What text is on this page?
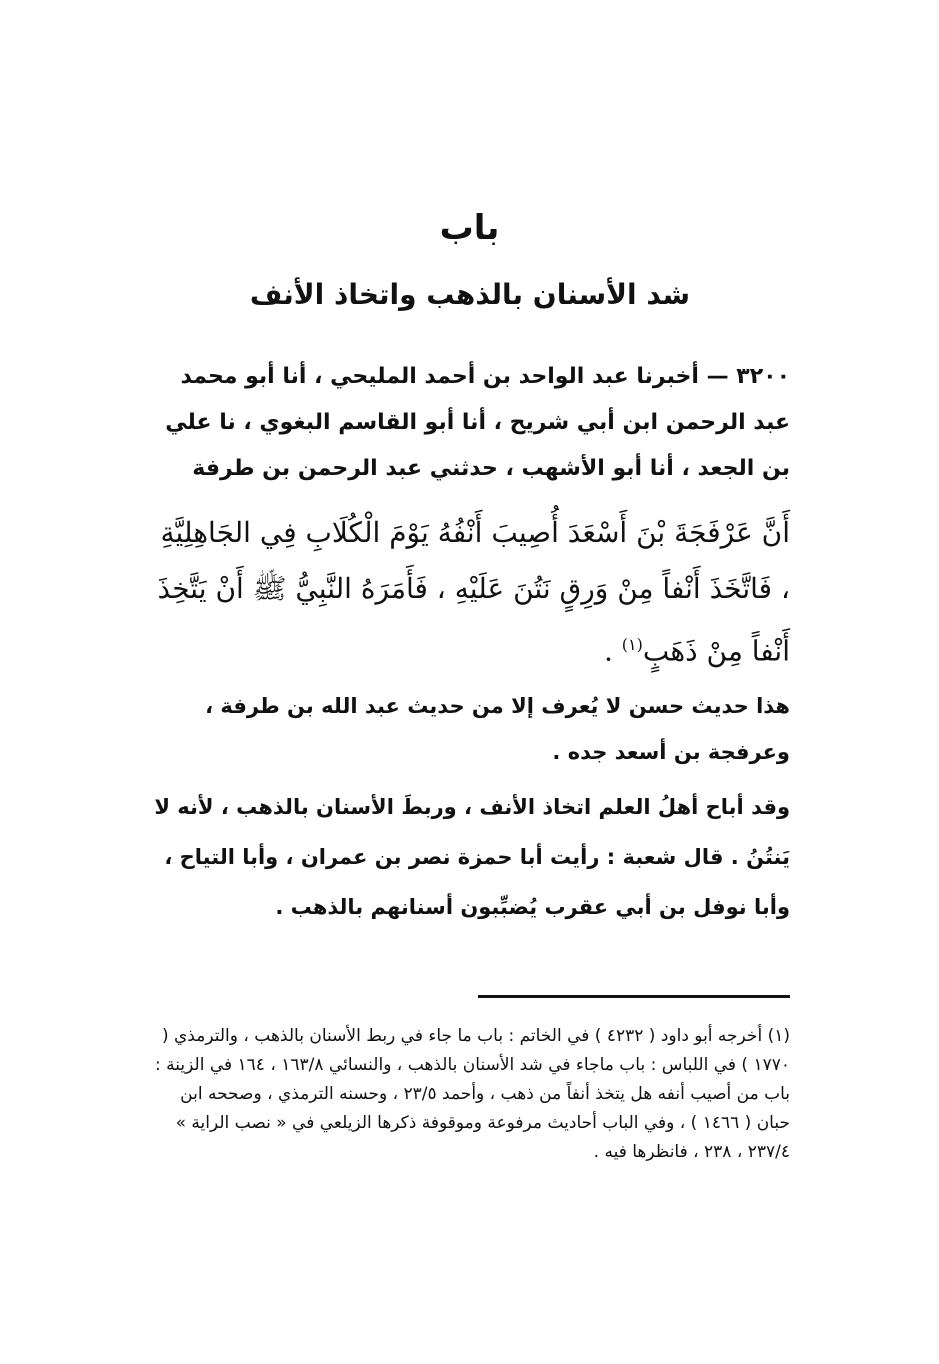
باب
شد الأسنان بالذهب واتخاذ الأنف
٣٢٠٠ — أخبرنا عبد الواحد بن أحمد المليحي ، أنا أبو محمد عبد الرحمن ابن أبي شريح ، أنا أبو القاسم البغوي ، نا علي بن الجعد ، أنا أبو الأشهب ، حدثني عبد الرحمن بن طرفة
أَنَّ عَرْفَجَةَ بْنَ أَسْعَدَ أُصِيبَ أَنْفُهُ يَوْمَ الْكُلَابِ فِي الجَاهِلِيَّةِ ، فَاتَّخَذَ أَنْفاً مِنْ وَرِقٍ نَتُنَ عَلَيْهِ ، فَأَمَرَهُ النَّبِيُّ ﷺ أَنْ يَتَّخِذَ أَنْفاً مِنْ ذَهَبٍ$^{(١)}$ .
هذا حديث حسن لا يُعرف إلا من حديث عبد الله بن طرفة ، وعرفجة بن أسعد جده .
وقد أباح أهلُ العلم اتخاذ الأنف ، وربطَ الأسنان بالذهب ، لأنه لا يَنتُنُ . قال شعبة : رأيت أبا حمزة نصر بن عمران ، وأبا التياح ، وأبا نوفل بن أبي عقرب يُضبِّبون أسنانهم بالذهب .
(١) أخرجه أبو داود ( ٤٢٣٢ ) في الخاتم : باب ما جاء في ربط الأسنان بالذهب ، والترمذي ( ١٧٧٠ ) في اللباس : باب ماجاء في شد الأسنان بالذهب ، والنسائي ١٦٣/٨ ، ١٦٤ في الزينة : باب من أصيب أنفه هل يتخذ أنفاً من ذهب ، وأحمد ٢٣/٥ ، وحسنه الترمذي ، وصححه ابن حبان ( ١٤٦٦ ) ، وفي الباب أحاديث مرفوعة وموقوفة ذكرها الزيلعي في « نصب الراية » ٢٣٧/٤ ، ٢٣٨ ، فانظرها فيه .
